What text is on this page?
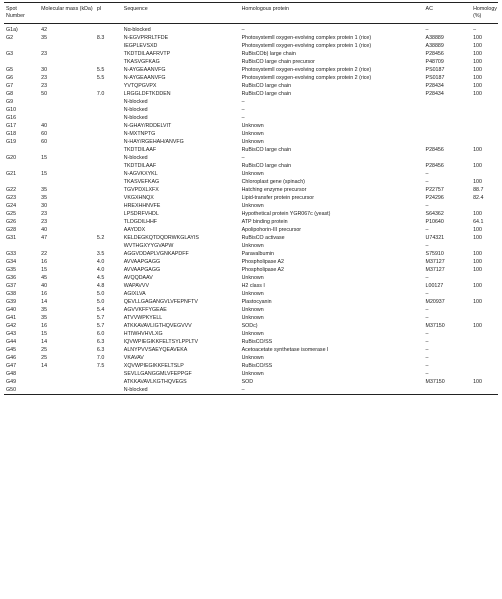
Spot Number	Molecular mass (kDa)	pI	Sequence	Homologous protein	AC	Homology (%)
G1a)	42		Nα-blocked	–	–	–
G2	35	8.3	N-EGVPRRLTFDE	Photosystemll oxygen-evolving complex protein 1 (rice)	A38889	100
			IEGPLEVSXD	Photosystemll oxygen-evolving complex protein 1 (rice)	A38889	100
G3	23		TKDTDILAAFRVTP	RuBisCOb) large chain	P28456	100
			TKASVGFKAG	RuBisCO large chain precursor	P48709	100
G5	30	5.5	N-AYGEAANVFG	Photosystemll oxygen-evolving complex protein 2 (rice)	PS0187	100
G6	23	5.5	N-AYGEAANVFG	Photosystemll oxygen-evolving complex protein 2 (rice)	PS0187	100
G7	23		YVTQPGVPX	RuBisCO large chain	P28434	100
G8	50	7.0	LRGGLDFTKDDEN	RuBisCO large chain	P28434	100
G9			N-blocked	–		
G10			N-blocked	–		
G16			N-blocked	–		
G17	40		N-GHAY/RDDELVIT	Unknown		
G18	60		N-MXTNPTG	Unknown		
G19	60		N-HAY/RGEHAH/ANVFG	Unknown		
			TKDTDILAAF	RuBisCO large chain	P28456	100
G20	15		N-blocked	–		
			TKDTDILAAF	RuBisCO large chain	P28456	100
G21	15		N-AGVKXYKL	Unknown	–	
			TKASVEFKAG	Chloroplast gene (spinach)	–	100
G22	35		TGVPDXLXFX	Hatching enzyme precursor	P22757	88.7
G23	35		VKGXHNQX	Lipid-transfer protein precursor	P24296	82.4
G24	30		HREXHHNVFE	Unknown	–	
G25	23		LPSDRFVHDL	Hypothetical protein YGR067c (yeast)	S64362	100
G26	23		TLDGDILHHF	ATP binding protein	P10640	64.1
G28	40		AAYDDX	Apolipohorin-III precursor	–	100
G31	47	5.2	KELDEGKQTDQDRWKGLAYIS	RuBisCO activase	U74321	100
			WVTHGXYYGVAPW	Unknown	–	
G33	22	3.5	AGGVDDAPLVGNKAPDFF	Paravalbumin	S75910	100
G34	16	4.0	AVVAAPGAGG	Phospholipase A2	M37127	100
G35	15	4.0	AVVAAPGAGG	Phospholipase A2	M37127	100
G36	45	4.5	AVQQDAAV	Unknown	–	
G37	40	4.8	WAPAVVV	H2 class I	L00127	100
G38	16	5.0	AGIXLVA	Unknown	–	
G39	14	5.0	QEVLLGAGANGVLVFEPNFTV	Plastocyanin	M20937	100
G40	35	5.4	AGVVKFFYGEAE	Unknown	–	
G41	35	5.7	ATVVWPKYELL	Unknown	–	
G42	16	5.7	ATKKAVAVLIGTHQVEGVVV	SODc)	M37150	100
G43	15	6.0	HTIWHVHVLXG	Unknown	–	
G44	14	6.3	IQVWPIEGIKKFELTSYLPPLTV	RuBisCO/SS	–	
G45	25	6.3	ALNYPVVSAEYQEAVEKA	Acetoacetate synthetase isomerase I	–	
G46	25	7.0	VKAVAV	Unknown	–	
G47	14	7.5	XQVWPIEGIKKFELTSLP	RuBisCO/SS	–	
G48			SEVLLGANGGMLVFEPPGF	Unknown	–	
G49			ATKKAVAVLKGTHQVEGS	SOD	M37150	100
G50			N-blocked	–		
